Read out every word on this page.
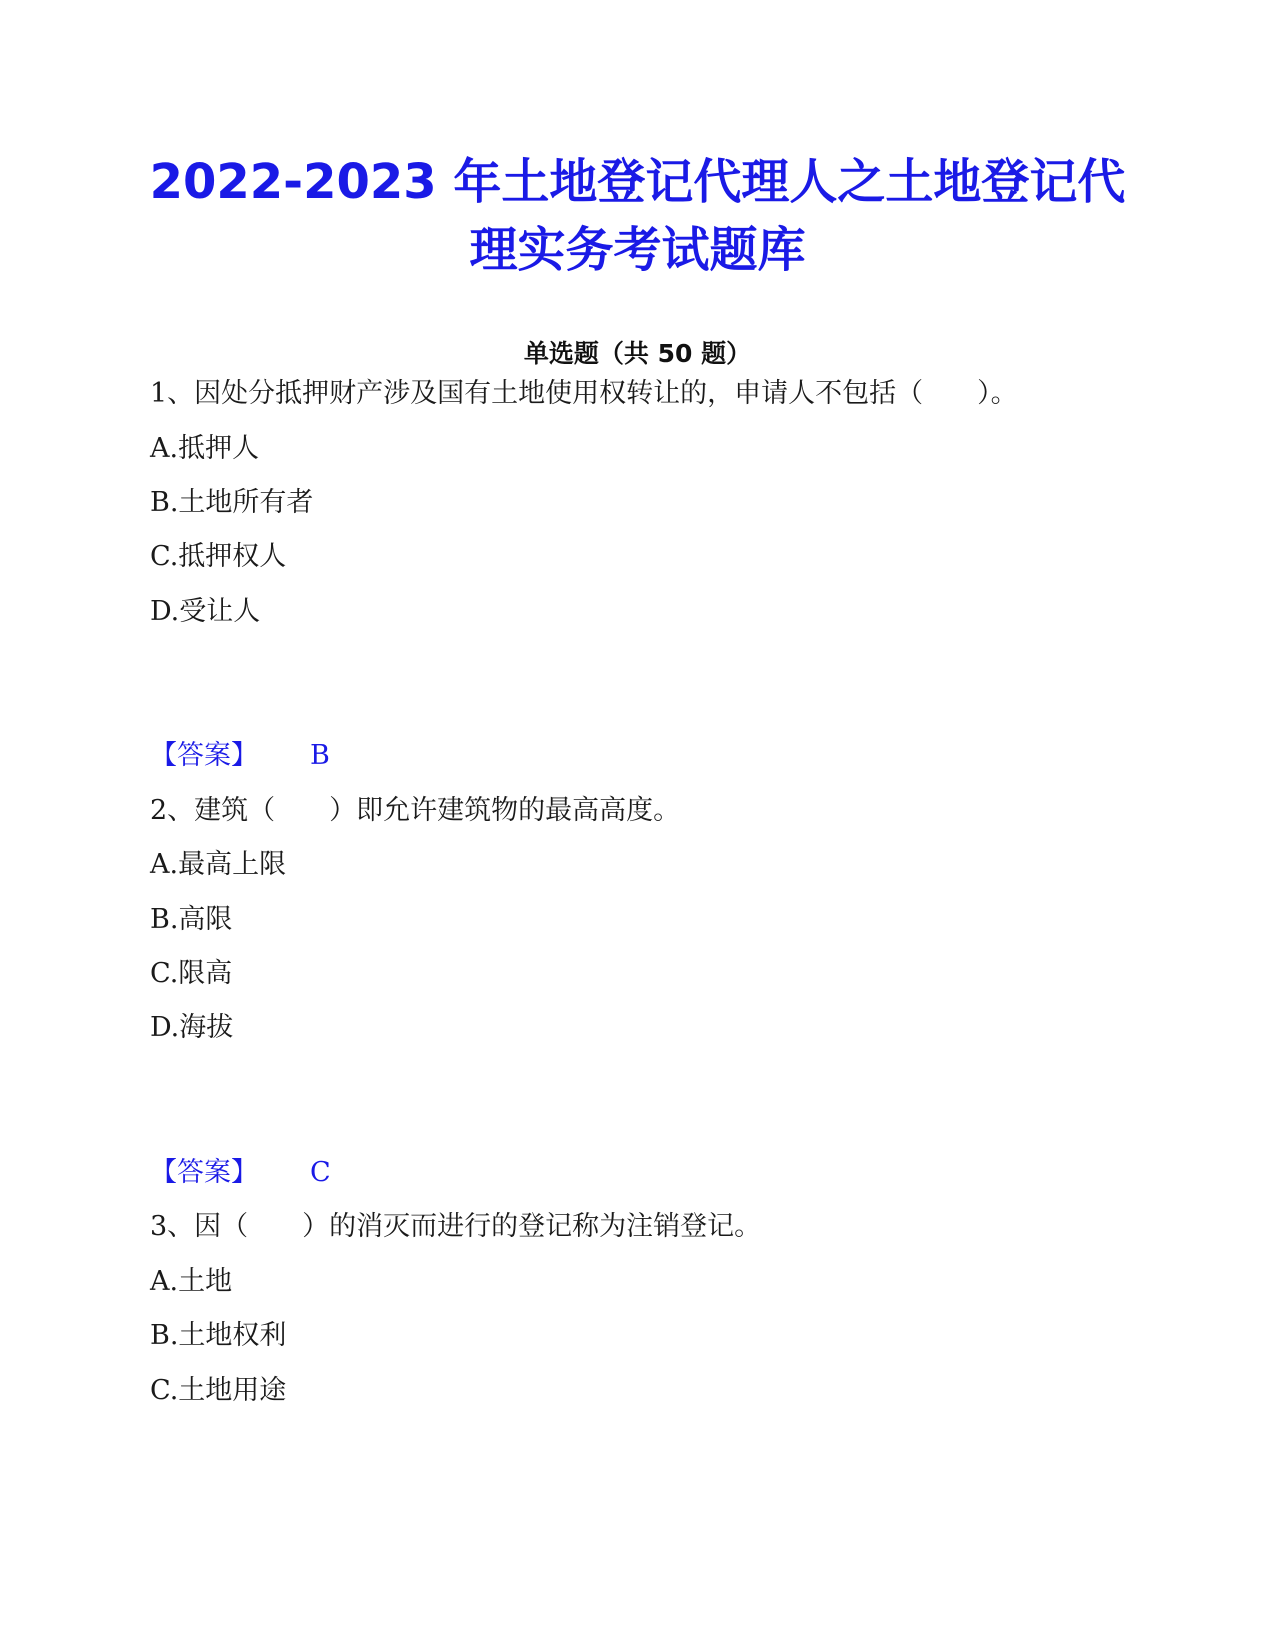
2022-2023 年土地登记代理人之土地登记代
理实务考试题库
单选题（共 50 题）
1、因处分抵押财产涉及国有土地使用权转让的，申请人不包括（　　）。
A.抵押人
B.土地所有者
C.抵押权人
D.受让人
【答案】 B
2、建筑（　　）即允许建筑物的最高高度。
A.最高上限
B.高限
C.限高
D.海拔
【答案】 C
3、因（　　）的消灭而进行的登记称为注销登记。
A.土地
B.土地权利
C.土地用途
